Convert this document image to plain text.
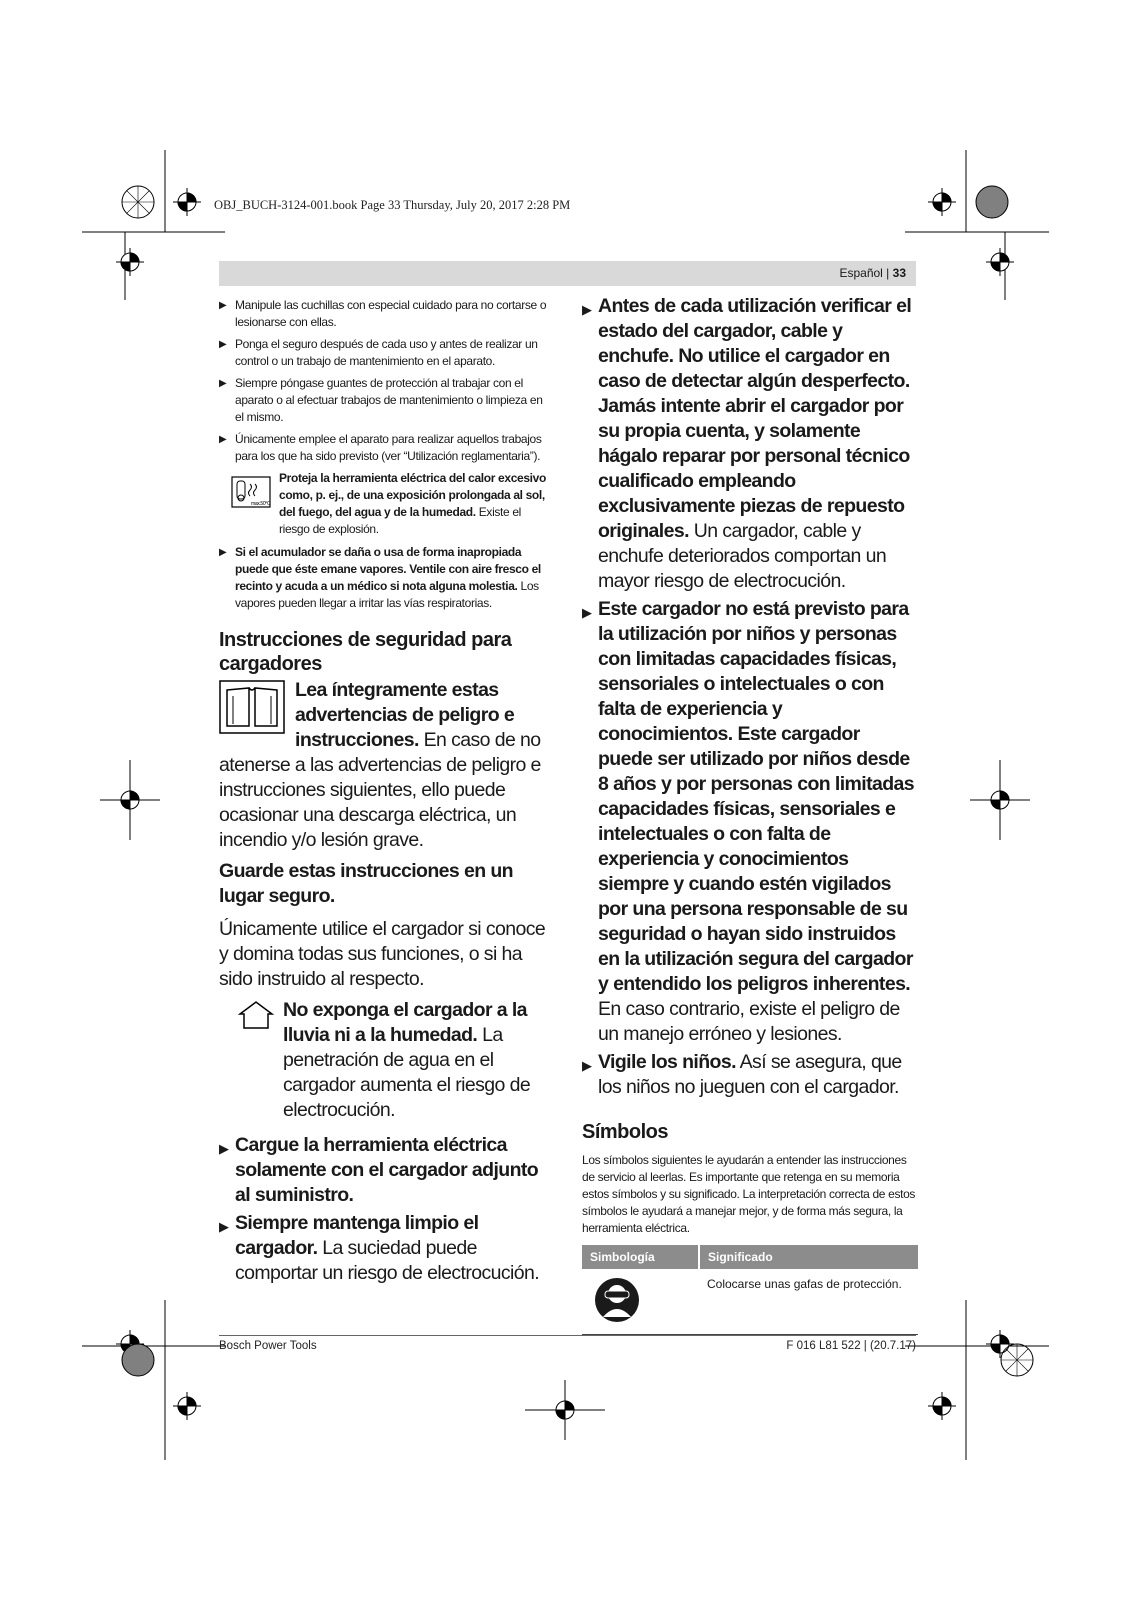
OBJ_BUCH-3124-001.book Page 33 Thursday, July 20, 2017 2:28 PM
Español | 33
▶ Manipule las cuchillas con especial cuidado para no cortarse o lesionarse con ellas.
▶ Ponga el seguro después de cada uso y antes de realizar un control o un trabajo de mantenimiento en el aparato.
▶ Siempre póngase guantes de protección al trabajar con el aparato o al efectuar trabajos de mantenimiento o limpieza en el mismo.
▶ Únicamente emplee el aparato para realizar aquellos trabajos para los que ha sido previsto (ver “Utilización reglamentaria”).
max.50°C
Proteja la herramienta eléctrica del calor excesivo como, p. ej., de una exposición prolongada al sol, del fuego, del agua y de la humedad. Existe el riesgo de explosión.
▶ Si el acumulador se daña o usa de forma inapropiada puede que éste emane vapores. Ventile con aire fresco el recinto y acuda a un médico si nota alguna molestia. Los vapores pueden llegar a irritar las vías respiratorias.
Instrucciones de seguridad para cargadores
Lea íntegramente estas advertencias de peligro e instrucciones. En caso de no atenerse a las advertencias de peligro e instrucciones siguientes, ello puede ocasionar una descarga eléctrica, un incendio y/o lesión grave.
Guarde estas instrucciones en un lugar seguro.
Únicamente utilice el cargador si conoce y domina todas sus funciones, o si ha sido instruido al respecto.
No exponga el cargador a la lluvia ni a la humedad. La penetración de agua en el cargador aumenta el riesgo de electrocución.
▶ Cargue la herramienta eléctrica solamente con el cargador adjunto al suministro.
▶ Siempre mantenga limpio el cargador. La suciedad puede comportar un riesgo de electrocución.
▶ Antes de cada utilización verificar el estado del cargador, cable y enchufe. No utilice el cargador en caso de detectar algún desperfecto. Jamás intente abrir el cargador por su propia cuenta, y solamente hágalo reparar por personal técnico cualificado empleando exclusivamente piezas de repuesto originales. Un cargador, cable y enchufe deteriorados comportan un mayor riesgo de electrocución.
▶ Este cargador no está previsto para la utilización por niños y personas con limitadas capacidades físicas, sensoriales o intelectuales o con falta de experiencia y conocimientos. Este cargador puede ser utilizado por niños desde 8 años y por personas con limitadas capacidades físicas, sensoriales e intelectuales o con falta de experiencia y conocimientos siempre y cuando estén vigilados por una persona responsable de su seguridad o hayan sido instruidos en la utilización segura del cargador y entendido los peligros inherentes. En caso contrario, existe el peligro de un manejo erróneo y lesiones.
▶ Vigile los niños. Así se asegura, que los niños no jueguen con el cargador.
Símbolos
Los símbolos siguientes le ayudarán a entender las instrucciones de servicio al leerlas. Es importante que retenga en su memoria estos símbolos y su significado. La interpretación correcta de estos símbolos le ayudará a manejar mejor, y de forma más segura, la herramienta eléctrica.
Simbología	Significado
	Colocarse unas gafas de protección.
Bosch Power Tools	F 016 L81 522 | (20.7.17)
